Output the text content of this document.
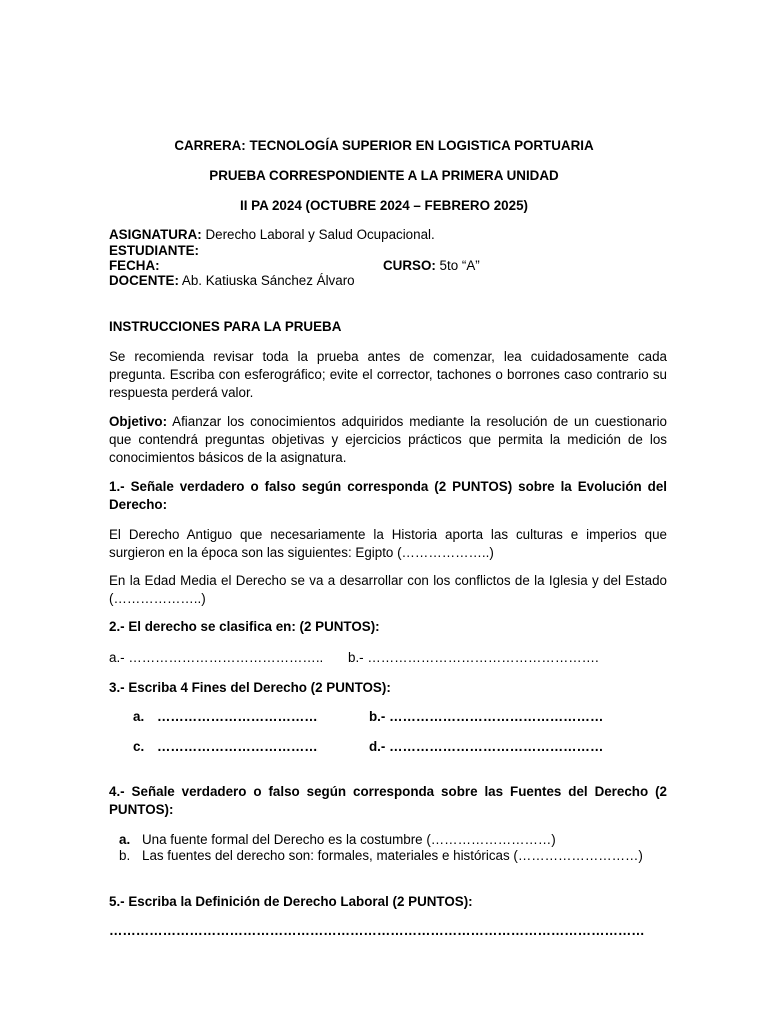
CARRERA: TECNOLOGÍA SUPERIOR EN LOGISTICA PORTUARIA
PRUEBA CORRESPONDIENTE A LA PRIMERA UNIDAD
II PA 2024 (OCTUBRE 2024 – FEBRERO 2025)
ASIGNATURA: Derecho Laboral y Salud Ocupacional.
ESTUDIANTE:
FECHA:	CURSO: 5to “A”
DOCENTE: Ab. Katiuska Sánchez Álvaro
INSTRUCCIONES PARA LA PRUEBA
Se recomienda revisar toda la prueba antes de comenzar, lea cuidadosamente cada pregunta. Escriba con esferográfico; evite el corrector, tachones o borrones caso contrario su respuesta perderá valor.
Objetivo: Afianzar los conocimientos adquiridos mediante la resolución de un cuestionario que contendrá preguntas objetivas y ejercicios prácticos que permita la medición de los conocimientos básicos de la asignatura.
1.- Señale verdadero o falso según corresponda (2 PUNTOS) sobre la Evolución del Derecho:
El Derecho Antiguo que necesariamente la Historia aporta las culturas e imperios que surgieron en la época son las siguientes: Egipto (………………..)
En la Edad Media el Derecho se va a desarrollar con los conflictos de la Iglesia y del Estado (………………..)
2.- El derecho se clasifica en: (2 PUNTOS):
a.- …………………………………….. b.- …………………………………………….
3.- Escriba 4 Fines del Derecho (2 PUNTOS):
a. ………………………………	b.- …………………………………………
c. ………………………………	d.- …………………………………………
4.- Señale verdadero o falso según corresponda sobre las Fuentes del Derecho (2 PUNTOS):
a. Una fuente formal del Derecho es la costumbre (………………………)
b. Las fuentes del derecho son: formales, materiales e históricas (………………………)
5.- Escriba la Definición de Derecho Laboral (2 PUNTOS):
…………………………………………………………………………………………………………
